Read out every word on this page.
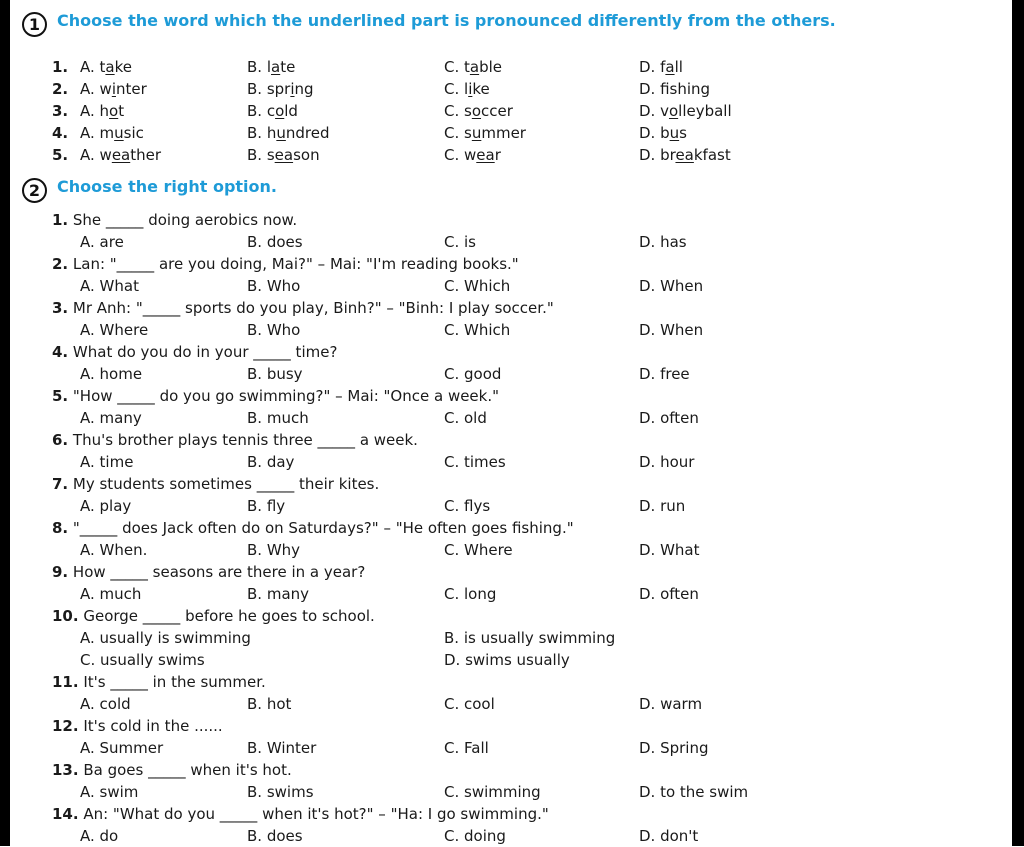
1	Choose the word which the underlined part is pronounced differently from the others.
1. A. take	B. late	C. table	D. fall
2. A. winter	B. spring	C. like	D. fshing
3. A. hot	B. cold	C. soccer	D. volleyball
4. A. music	B. hundred	C. summer	D. bus
5. A. weather	B. season	C. wear	D. breakfast
2	Choose the right option.
1. She _____ doing aerobics now.
A. are	B. does	C. is	D. has
2. Lan: "_____ are you doing, Mai?" – Mai: "I'm reading books."
A. What	B. Who	C. Which	D. When
3. Mr Anh: "_____ sports do you play, Binh?" – "Binh: I play soccer."
A. Where	B. Who	C. Which	D. When
4. What do you do in your _____ time?
A. home	B. busy	C. good	D. free
5. "How _____ do you go swimming?" – Mai: "Once a week."
A. many	B. much	C. old	D. often
6. Thu's brother plays tennis three _____ a week.
A. time	B. day	C. times	D. hour
7. My students sometimes _____ their kites.
A. play	B. fly	C. flys	D. run
8. "_____ does Jack often do on Saturdays?" – "He often goes fishing."
A. When.	B. Why	C. Where	D. What
9. How _____ seasons are there in a year?
A. much	B. many	C. long	D. often
10. George _____ before he goes to school.
A. usually is swimming	B. is usually swimming
C. usually swims	D. swims usually
11. It's _____ in the summer.
A. cold	B. hot	C. cool	D. warm
12. It's cold in the ......
A. Summer	B. Winter	C. Fall	D. Spring
13. Ba goes _____ when it's hot.
A. swim	B. swims	C. swimming	D. to the swim
14. An: "What do you _____ when it's hot?" – "Ha: I go swimming."
A. do	B. does	C. doing	D. don't
